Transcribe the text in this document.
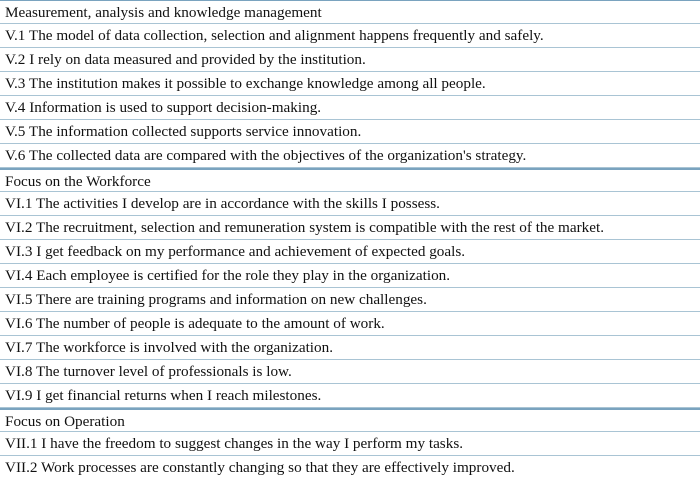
Measurement, analysis and knowledge management
V.1 The model of data collection, selection and alignment happens frequently and safely.
V.2 I rely on data measured and provided by the institution.
V.3 The institution makes it possible to exchange knowledge among all people.
V.4 Information is used to support decision-making.
V.5 The information collected supports service innovation.
V.6 The collected data are compared with the objectives of the organization's strategy.
Focus on the Workforce
VI.1 The activities I develop are in accordance with the skills I possess.
VI.2 The recruitment, selection and remuneration system is compatible with the rest of the market.
VI.3 I get feedback on my performance and achievement of expected goals.
VI.4 Each employee is certified for the role they play in the organization.
VI.5 There are training programs and information on new challenges.
VI.6 The number of people is adequate to the amount of work.
VI.7 The workforce is involved with the organization.
VI.8 The turnover level of professionals is low.
VI.9 I get financial returns when I reach milestones.
Focus on Operation
VII.1 I have the freedom to suggest changes in the way I perform my tasks.
VII.2 Work processes are constantly changing so that they are effectively improved.
